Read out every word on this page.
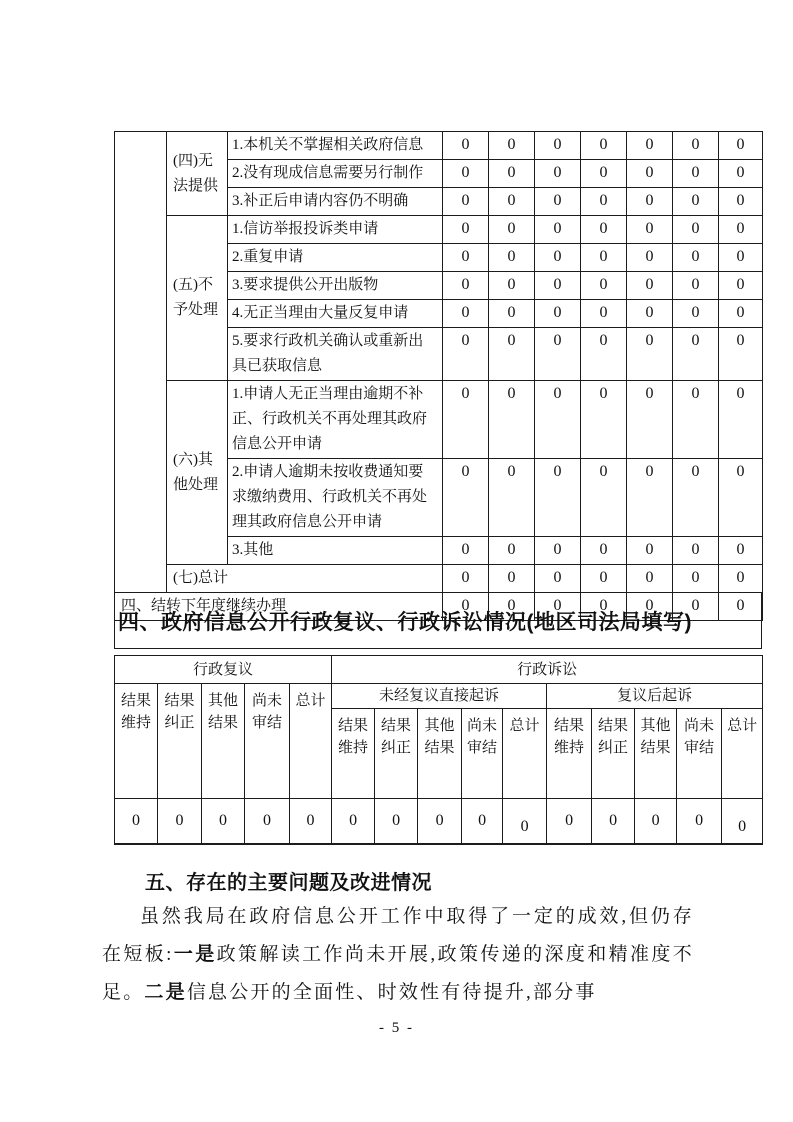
	(四)无法提供	1.本机关不掌握相关政府信息	0	0	0	0	0	0	0
		2.没有现成信息需要另行制作	0	0	0	0	0	0	0
		3.补正后申请内容仍不明确	0	0	0	0	0	0	0
	(五)不予处理	1.信访举报投诉类申请	0	0	0	0	0	0	0
		2.重复申请	0	0	0	0	0	0	0
		3.要求提供公开出版物	0	0	0	0	0	0	0
		4.无正当理由大量反复申请	0	0	0	0	0	0	0
		5.要求行政机关确认或重新出具已获取信息	0	0	0	0	0	0	0
	(六)其他处理	1.申请人无正当理由逾期不补正、行政机关不再处理其政府信息公开申请	0	0	0	0	0	0	0
		2.申请人逾期未按收费通知要求缴纳费用、行政机关不再处理其政府信息公开申请	0	0	0	0	0	0	0
		3.其他	0	0	0	0	0	0	0
	(七)总计		0	0	0	0	0	0	0
四、结转下年度继续办理			0	0	0	0	0	0	0
四、政府信息公开行政复议、行政诉讼情况(地区司法局填写)
行政复议					行政诉讼									
结果维持	结果纠正	其他结果	尚未审结	总计	未经复议直接起诉					复议后起诉				
					结果维持	结果纠正	其他结果	尚未审结	总计	结果维持	结果纠正	其他结果	尚未审结	总计
0	0	0	0	0	0	0	0	0	0	0	0	0	0	0
五、存在的主要问题及改进情况
虽然我局在政府信息公开工作中取得了一定的成效,但仍存在短板:一是政策解读工作尚未开展,政策传递的深度和精准度不足。二是信息公开的全面性、时效性有待提升,部分事
- 5 -
